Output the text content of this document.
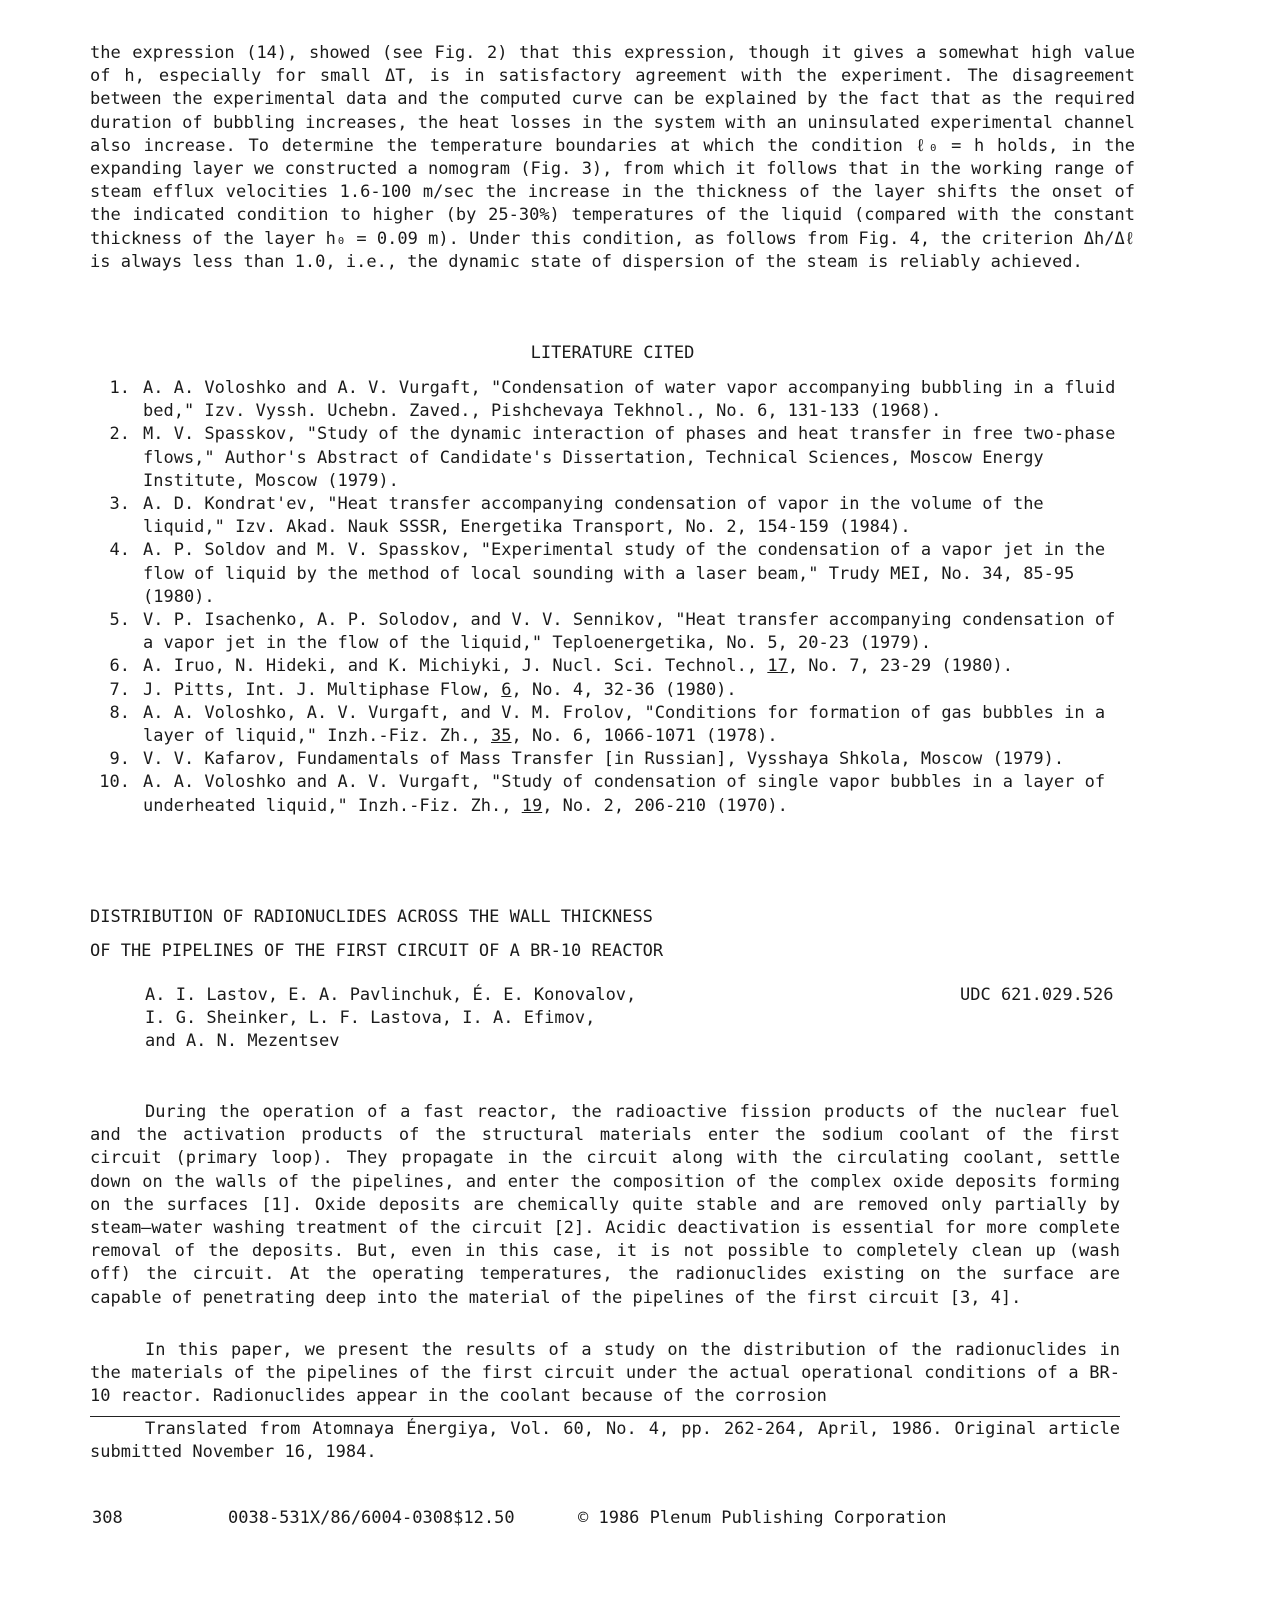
the expression (14), showed (see Fig. 2) that this expression, though it gives a somewhat high value of h, especially for small ΔT, is in satisfactory agreement with the experiment. The disagreement between the experimental data and the computed curve can be explained by the fact that as the required duration of bubbling increases, the heat losses in the system with an uninsulated experimental channel also increase. To determine the temperature boundaries at which the condition ℓ₀ = h holds, in the expanding layer we constructed a nomogram (Fig. 3), from which it follows that in the working range of steam efflux velocities 1.6-100 m/sec the increase in the thickness of the layer shifts the onset of the indicated condition to higher (by 25-30%) temperatures of the liquid (compared with the constant thickness of the layer h₀ = 0.09 m). Under this condition, as follows from Fig. 4, the criterion Δh/Δℓ is always less than 1.0, i.e., the dynamic state of dispersion of the steam is reliably achieved.

LITERATURE CITED

1. A. A. Voloshko and A. V. Vurgaft, "Condensation of water vapor accompanying bubbling in a fluid bed," Izv. Vyssh. Uchebn. Zaved., Pishchevaya Tekhnol., No. 6, 131-133 (1968).
2. M. V. Spasskov, "Study of the dynamic interaction of phases and heat transfer in free two-phase flows," Author's Abstract of Candidate's Dissertation, Technical Sciences, Moscow Energy Institute, Moscow (1979).
3. A. D. Kondrat'ev, "Heat transfer accompanying condensation of vapor in the volume of the liquid," Izv. Akad. Nauk SSSR, Energetika Transport, No. 2, 154-159 (1984).
4. A. P. Soldov and M. V. Spasskov, "Experimental study of the condensation of a vapor jet in the flow of liquid by the method of local sounding with a laser beam," Trudy MEI, No. 34, 85-95 (1980).
5. V. P. Isachenko, A. P. Solodov, and V. V. Sennikov, "Heat transfer accompanying condensation of a vapor jet in the flow of the liquid," Teploenergetika, No. 5, 20-23 (1979).
6. A. Iruo, N. Hideki, and K. Michiyki, J. Nucl. Sci. Technol., 17, No. 7, 23-29 (1980).
7. J. Pitts, Int. J. Multiphase Flow, 6, No. 4, 32-36 (1980).
8. A. A. Voloshko, A. V. Vurgaft, and V. M. Frolov, "Conditions for formation of gas bubbles in a layer of liquid," Inzh.-Fiz. Zh., 35, No. 6, 1066-1071 (1978).
9. V. V. Kafarov, Fundamentals of Mass Transfer [in Russian], Vysshaya Shkola, Moscow (1979).
10. A. A. Voloshko and A. V. Vurgaft, "Study of condensation of single vapor bubbles in a layer of underheated liquid," Inzh.-Fiz. Zh., 19, No. 2, 206-210 (1970).
DISTRIBUTION OF RADIONUCLIDES ACROSS THE WALL THICKNESS
OF THE PIPELINES OF THE FIRST CIRCUIT OF A BR-10 REACTOR
A. I. Lastov, E. A. Pavlinchuk, É. E. Konovalov,
I. G. Sheinker, L. F. Lastova, I. A. Efimov,
and A. N. Mezentsev

UDC 621.029.526

During the operation of a fast reactor, the radioactive fission products of the nuclear fuel and the activation products of the structural materials enter the sodium coolant of the first circuit (primary loop). They propagate in the circuit along with the circulating coolant, settle down on the walls of the pipelines, and enter the composition of the complex oxide deposits forming on the surfaces [1]. Oxide deposits are chemically quite stable and are removed only partially by steam—water washing treatment of the circuit [2]. Acidic deactivation is essential for more complete removal of the deposits. But, even in this case, it is not possible to completely clean up (wash off) the circuit. At the operating temperatures, the radionuclides existing on the surface are capable of penetrating deep into the material of the pipelines of the first circuit [3, 4].

In this paper, we present the results of a study on the distribution of the radionuclides in the materials of the pipelines of the first circuit under the actual operational conditions of a BR-10 reactor. Radionuclides appear in the coolant because of the corrosion

Translated from Atomnaya Énergiya, Vol. 60, No. 4, pp. 262-264, April, 1986. Original article submitted November 16, 1984.

308	0038-531X/86/6004-0308$12.50	© 1986 Plenum Publishing Corporation
